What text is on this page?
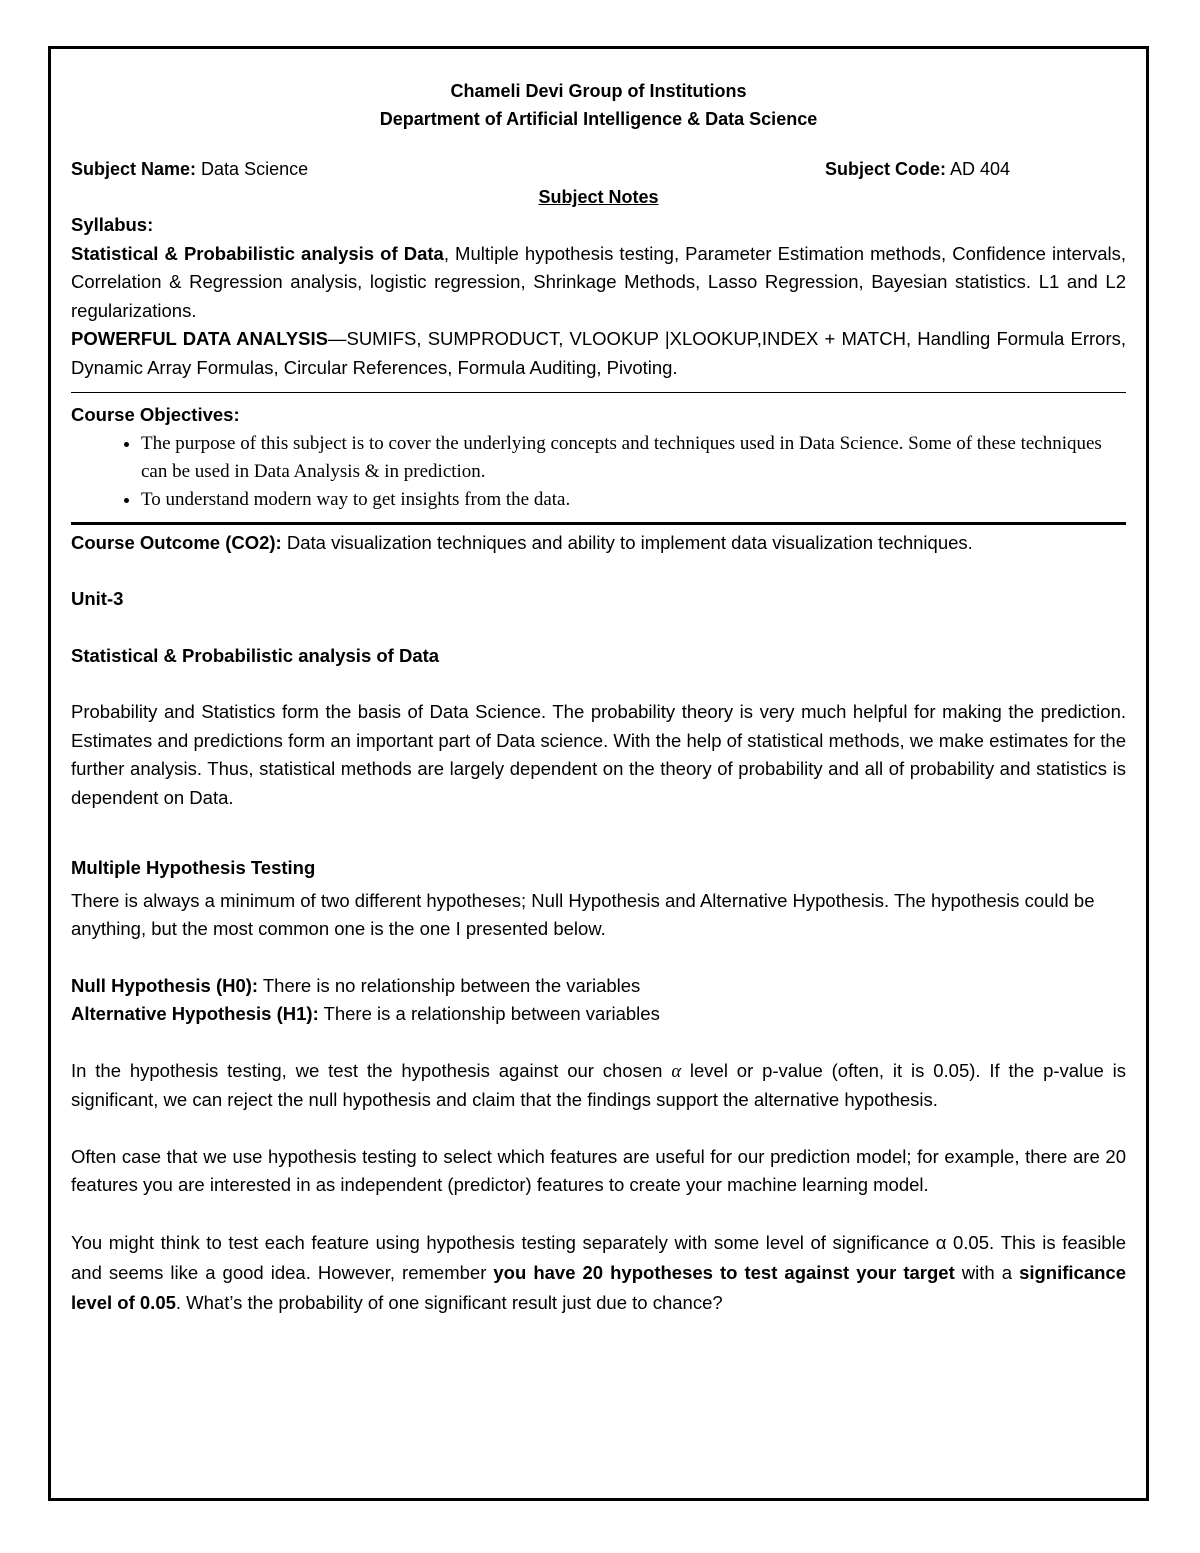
Chameli Devi Group of Institutions
Department of Artificial Intelligence & Data Science
Subject Name: Data Science	Subject Code: AD 404
Subject Notes
Syllabus:

Statistical & Probabilistic analysis of Data, Multiple hypothesis testing, Parameter Estimation methods, Confidence intervals, Correlation & Regression analysis, logistic regression, Shrinkage Methods, Lasso Regression, Bayesian statistics. L1 and L2 regularizations.

POWERFUL DATA ANALYSIS—SUMIFS, SUMPRODUCT, VLOOKUP |XLOOKUP,INDEX + MATCH, Handling Formula Errors, Dynamic Array Formulas, Circular References, Formula Auditing, Pivoting.

Course Objectives:
• The purpose of this subject is to cover the underlying concepts and techniques used in Data Science. Some of these techniques can be used in Data Analysis & in prediction.
• To understand modern way to get insights from the data.

Course Outcome (CO2): Data visualization techniques and ability to implement data visualization techniques.

Unit-3
Statistical & Probabilistic analysis of Data

Probability and Statistics form the basis of Data Science. The probability theory is very much helpful for making the prediction. Estimates and predictions form an important part of Data science. With the help of statistical methods, we make estimates for the further analysis. Thus, statistical methods are largely dependent on the theory of probability and all of probability and statistics is dependent on Data.

Multiple Hypothesis Testing

There is always a minimum of two different hypotheses; Null Hypothesis and Alternative Hypothesis. The hypothesis could be anything, but the most common one is the one I presented below.

Null Hypothesis (H0): There is no relationship between the variables
Alternative Hypothesis (H1): There is a relationship between variables

In the hypothesis testing, we test the hypothesis against our chosen α level or p-value (often, it is 0.05). If the p-value is significant, we can reject the null hypothesis and claim that the findings support the alternative hypothesis.

Often case that we use hypothesis testing to select which features are useful for our prediction model; for example, there are 20 features you are interested in as independent (predictor) features to create your machine learning model.

You might think to test each feature using hypothesis testing separately with some level of significance α 0.05. This is feasible and seems like a good idea. However, remember you have 20 hypotheses to test against your target with a significance level of 0.05. What’s the probability of one significant result just due to chance?
